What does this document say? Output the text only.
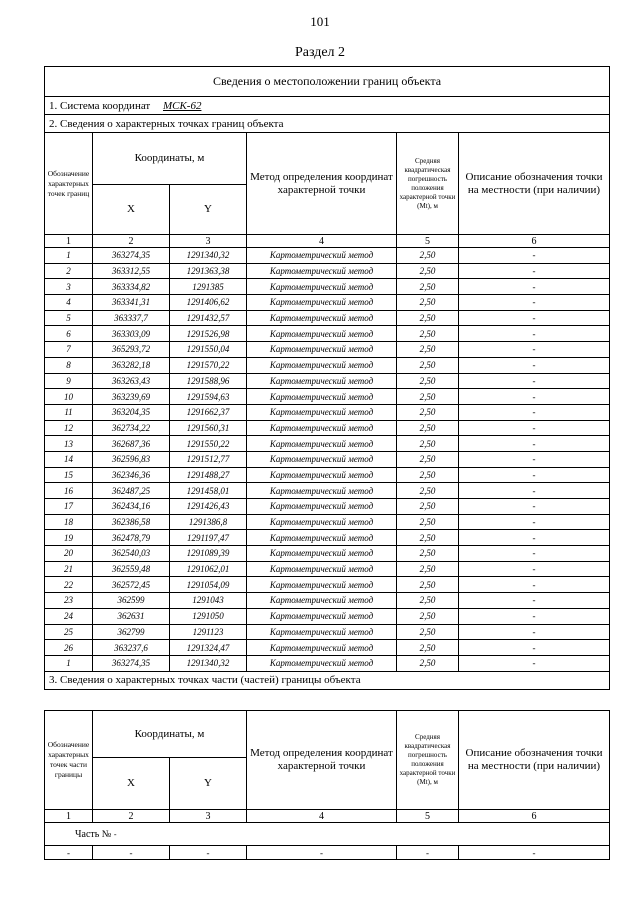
101
Раздел 2
Сведения о местоположении границ объекта					
1. Система координат МСК-62					
2. Сведения о характерных точках границ объекта					
Обозначение характерных точек границ	Координаты, м		Метод определения координат характерной точки	Средняя квадратическая погрешность положения характерной точки (Mt), м	Описание обозначения точки на местности (при наличии)
	X	Y			
1	2	3	4	5	6
1	363274,35	1291340,32	Картометрический метод	2,50	-
2	363312,55	1291363,38	Картометрический метод	2,50	-
3	363334,82	1291385	Картометрический метод	2,50	-
4	363341,31	1291406,62	Картометрический метод	2,50	-
5	363337,7	1291432,57	Картометрический метод	2,50	-
6	363303,09	1291526,98	Картометрический метод	2,50	-
7	365293,72	1291550,04	Картометрический метод	2,50	-
8	363282,18	1291570,22	Картометрический метод	2,50	-
9	363263,43	1291588,96	Картометрический метод	2,50	-
10	363239,69	1291594,63	Картометрический метод	2,50	-
11	363204,35	1291662,37	Картометрический метод	2,50	-
12	362734,22	1291560,31	Картометрический метод	2,50	-
13	362687,36	1291550,22	Картометрический метод	2,50	-
14	362596,83	1291512,77	Картометрический метод	2,50	-
15	362346,36	1291488,27	Картометрический метод	2,50	-
16	362487,25	1291458,01	Картометрический метод	2,50	-
17	362434,16	1291426,43	Картометрический метод	2,50	-
18	362386,58	1291386,8	Картометрический метод	2,50	-
19	362478,79	1291197,47	Картометрический метод	2,50	-
20	362540,03	1291089,39	Картометрический метод	2,50	-
21	362559,48	1291062,01	Картометрический метод	2,50	-
22	362572,45	1291054,09	Картометрический метод	2,50	-
23	362599	1291043	Картометрический метод	2,50	-
24	362631	1291050	Картометрический метод	2,50	-
25	362799	1291123	Картометрический метод	2,50	-
26	363237,6	1291324,47	Картометрический метод	2,50	-
1	363274,35	1291340,32	Картометрический метод	2,50	-
3. Сведения о характерных точках части (частей) границы объекта					
Обозначение характерных точек части границы	Координаты, м		Метод определения координат характерной точки	Средняя квадратическая погрешность положения характерной точки (Mt), м	Описание обозначения точки на местности (при наличии)
	X	Y			
1	2	3	4	5	6
Часть № -					
-	-	-	-	-	-
